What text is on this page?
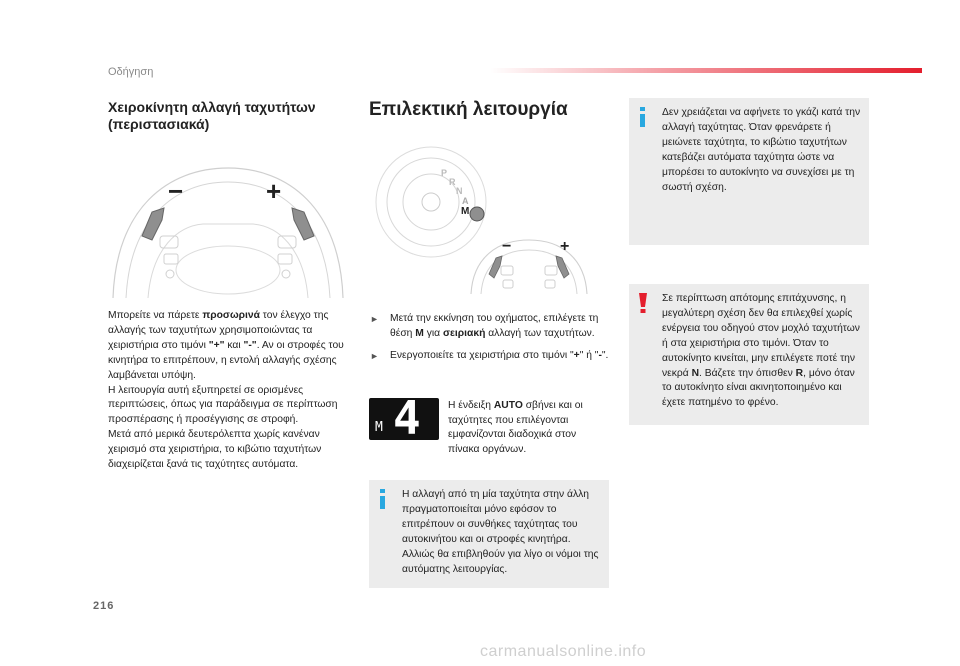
Οδήγηση
Χειροκίνητη αλλαγή ταχυτήτων (περιστασιακά)
−	+

Μπορείτε να πάρετε προσωρινά τον έλεγχο της αλλαγής των ταχυτήτων χρησιμοποιώντας τα χειριστήρια στο τιμόνι "+" και "-". Αν οι στροφές του κινητήρα το επιτρέπουν, η εντολή αλλαγής σχέσης λαμβάνεται υπόψη.

Η λειτουργία αυτή εξυπηρετεί σε ορισμένες περιπτώσεις, όπως για παράδειγμα σε περίπτωση προσπέρασης ή προσέγγισης σε στροφή.

Μετά από μερικά δευτερόλεπτα χωρίς κανέναν χειρισμό στα χειριστήρια, το κιβώτιο ταχυτήτων διαχειρίζεται ξανά τις ταχύτητες αυτόματα.

Επιλεκτική λειτουργία
P
R
N
A
M
−	+
► Μετά την εκκίνηση του οχήματος, επιλέγετε τη θέση M για σειριακή αλλαγή των ταχυτήτων.
► Ενεργοποιείτε τα χειριστήρια στο τιμόνι "+" ή "-".
M 4	Η ένδειξη AUTO σβήνει και οι ταχύτητες που επιλέγονται εμφανίζονται διαδοχικά στον πίνακα οργάνων.
Η αλλαγή από τη μία ταχύτητα στην άλλη πραγματοποιείται μόνο εφόσον το επιτρέπουν οι συνθήκες ταχύτητας του αυτοκινήτου και οι στροφές κινητήρα. Αλλιώς θα επιβληθούν για λίγο οι νόμοι της αυτόματης λειτουργίας.
Δεν χρειάζεται να αφήνετε το γκάζι κατά την αλλαγή ταχύτητας. Όταν φρενάρετε ή μειώνετε ταχύτητα, το κιβώτιο ταχυτήτων κατεβάζει αυτόματα ταχύτητα ώστε να μπορέσει το αυτοκίνητο να συνεχίσει με τη σωστή σχέση.
Σε περίπτωση απότομης επιτάχυνσης, η μεγαλύτερη σχέση δεν θα επιλεχθεί χωρίς ενέργεια του οδηγού στον μοχλό ταχυτήτων ή στα χειριστήρια στο τιμόνι. Όταν το αυτοκίνητο κινείται, μην επιλέγετε ποτέ την νεκρά N. Βάζετε την όπισθεν R, μόνο όταν το αυτοκίνητο είναι ακινητοποιημένο και έχετε πατημένο το φρένο.
216
carmanualsonline.info
